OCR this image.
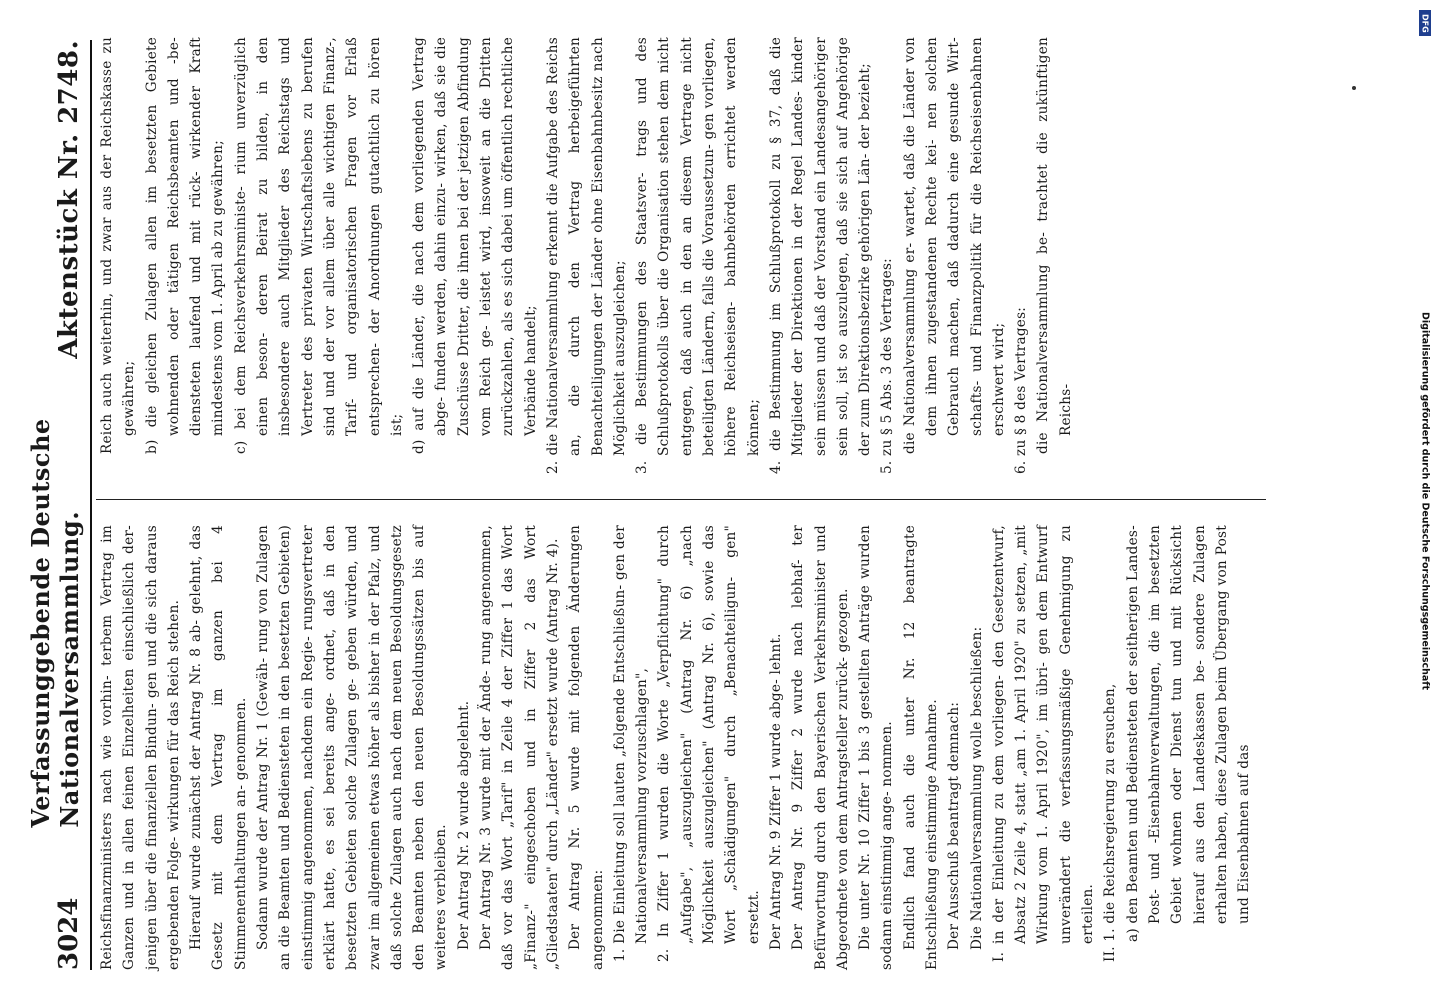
3024
Verfassunggebende Deutsche Nationalversammlung.
Aktenstück Nr. 2748.

Reichsfinanzministers nach wie vorhin- terbem Vertrag im Ganzen und in allen feinen Einzelheiten einschließlich der- jenigen über die finanziellen Bindun- gen und die sich daraus ergebenden Folge- wirkungen für das Reich stehen. Hierauf wurde zunächst der Antrag Nr. 8 ab- gelehnt, das Gesetz mit dem Vertrag im ganzen bei 4 Stimmenenthaltungen an- genommen. Sodann wurde der Antrag Nr. 1 (Gewäh- rung von Zulagen an die Beamten und Bediensteten in den besetzten Gebieten) einstimmig angenommen, nachdem ein Regie- rungsvertreter erklärt hatte, es sei bereits ange- ordnet, daß in den besetzten Gebieten solche Zulagen ge- geben würden, und zwar im allgemeinen etwas höher als bisher in der Pfalz, und daß solche Zulagen auch nach dem neuen Besoldungsgesetz den Beamten neben den neuen Besoldungssätzen bis auf weiteres verbleiben. Der Antrag Nr. 2 wurde abgelehnt. Der Antrag Nr. 3 wurde mit der Ände- rung angenommen, daß vor das Wort „Tarif" in Zeile 4 der Ziffer 1 das Wort „Finanz-" eingeschoben und in Ziffer 2 das Wort „Gliedstaaten" durch „Länder" ersetzt wurde (Antrag Nr. 4). Der Antrag Nr. 5 wurde mit folgenden Änderungen angenommen: 1. Die Einleitung soll lauten „folgende Entschließun- gen der Nationalversammlung vorzuschlagen", 2. In Ziffer 1 wurden die Worte „Verpflichtung" durch „Aufgabe", „auszugleichen" (Antrag Nr. 6) „nach Möglichkeit auszugleichen" (Antrag Nr. 6), sowie das Wort „Schädigungen" durch „Benachteiligun- gen" ersetzt. Der Antrag Nr. 9 Ziffer 1 wurde abge- lehnt. Der Antrag Nr. 9 Ziffer 2 wurde nach lebhaf- ter Befürwortung durch den Bayerischen Verkehrsminister und Abgeordnete von dem Antragsteller zurück- gezogen. Die unter Nr. 10 Ziffer 1 bis 3 gestellten Anträge wurden sodann einstimmig ange- nommen. Endlich fand auch die unter Nr. 12 beantragte Entschließung einstimmige Annahme. Der Ausschuß beantragt demnach: Die Nationalversammlung wolle beschließen: I. in der Einleitung zu dem vorliegen- den Gesetzentwurf, Absatz 2 Zeile 4, statt „am 1. April 1920" zu setzen, „mit Wirkung vom 1. April 1920", im übri- gen dem Entwurf unverändert die verfassungsmäßige Genehmigung zu erteilen. II. 1. die Reichsregierung zu ersuchen, a) den Beamten und Bediensteten der seitherigen Landes-Post- und -Eisenbahnverwaltungen, die im besetzten Gebiet wohnen oder Dienst tun und mit Rücksicht hierauf aus den Landeskassen be- sondere Zulagen erhalten haben, diese Zulagen beim Übergang von Post und Eisenbahnen auf das

Reich auch weiterhin, und zwar aus der Reichskasse zu gewähren; b) die gleichen Zulagen allen im besetzten Gebiete wohnenden oder tätigen Reichsbeamten und -be- diensteten laufend und mit rück- wirkender Kraft mindestens vom 1. April ab zu gewähren; c) bei dem Reichsverkehrsministe- rium unverzüglich einen beson- deren Beirat zu bilden, in den insbesondere auch Mitglieder des Reichstags und Vertreter des privaten Wirtschaftslebens zu berufen sind und der vor allem über alle wichtigen Finanz-, Tarif- und organisatorischen Fragen vor Erlaß entsprechen- der Anordnungen gutachtlich zu hören ist; d) auf die Länder, die nach dem vorliegenden Vertrag abge- funden werden, dahin einzu- wirken, daß sie die Zuschüsse Dritter, die ihnen bei der jetzigen Abfindung vom Reich ge- leistet wird, insoweit an die Dritten zurückzahlen, als es sich dabei um öffentlich rechtliche Verbände handelt; 2. die Nationalversammlung erkennt die Aufgabe des Reichs an, die durch den Vertrag herbeigeführten Benachteiligungen der Länder ohne Eisenbahnbesitz nach Möglichkeit auszugleichen; 3. die Bestimmungen des Staatsver- trags und des Schlußprotokolls über die Organisation stehen dem nicht entgegen, daß auch in den an diesem Vertrage nicht beteiligten Ländern, falls die Voraussetzun- gen vorliegen, höhere Reichseisen- bahnbehörden errichtet werden können; 4. die Bestimmung im Schlußprotokoll zu § 37, daß die Mitglieder der Direktionen in der Regel Landes- kinder sein müssen und daß der Vorstand ein Landesangehöriger sein soll, ist so auszulegen, daß sie sich auf Angehörige der zum Direktionsbezirke gehörigen Län- der bezieht; 5. zu § 5 Abs. 3 des Vertrages: die Nationalversammlung er- wartet, daß die Länder von dem ihnen zugestandenen Rechte kei- nen solchen Gebrauch machen, daß dadurch eine gesunde Wirt- schafts- und Finanzpolitik für die Reichseisenbahnen erschwert wird; 6. zu § 8 des Vertrages: die Nationalversammlung be- trachtet die zukünftigen Reichs-

DFG
Digitalisierung gefördert durch die Deutsche Forschungsgemeinschaft
